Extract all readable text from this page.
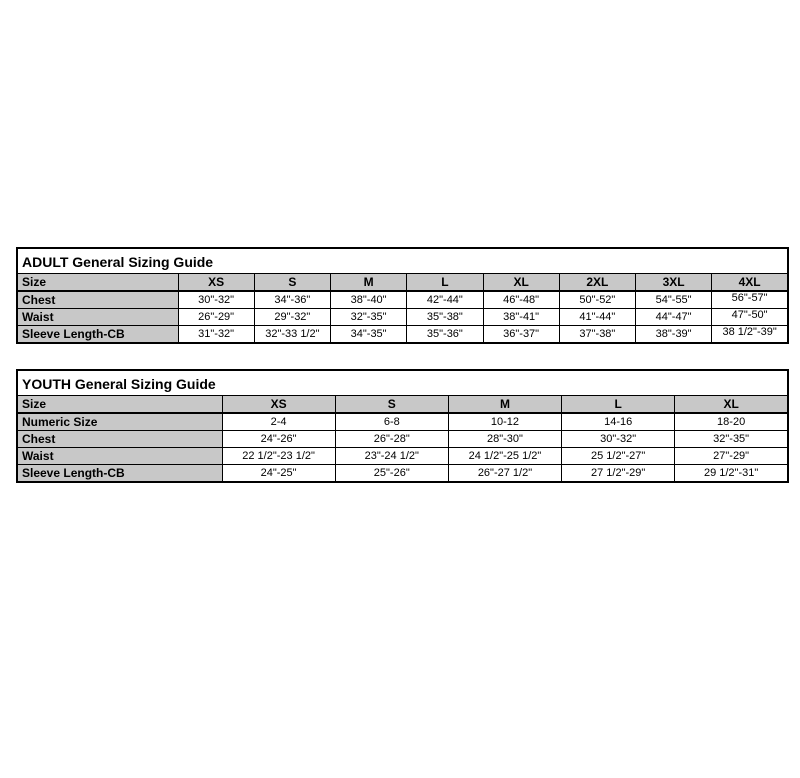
ADULT General Sizing Guide								
Size	XS	S	M	L	XL	2XL	3XL	4XL
Chest	30"-32"	34"-36"	38"-40"	42"-44"	46"-48"	50"-52"	54"-55"	56"-57"
Waist	26"-29"	29"-32"	32"-35"	35"-38"	38"-41"	41"-44"	44"-47"	47"-50"
Sleeve Length-CB	31"-32"	32"-33 1/2"	34"-35"	35"-36"	36"-37"	37"-38"	38"-39"	38 1/2"-39"
YOUTH General Sizing Guide					
Size	XS	S	M	L	XL
Numeric Size	2-4	6-8	10-12	14-16	18-20
Chest	24"-26"	26"-28"	28"-30"	30"-32"	32"-35"
Waist	22 1/2"-23 1/2"	23"-24 1/2"	24 1/2"-25 1/2"	25 1/2"-27"	27"-29"
Sleeve Length-CB	24"-25"	25"-26"	26"-27 1/2"	27 1/2"-29"	29 1/2"-31"
